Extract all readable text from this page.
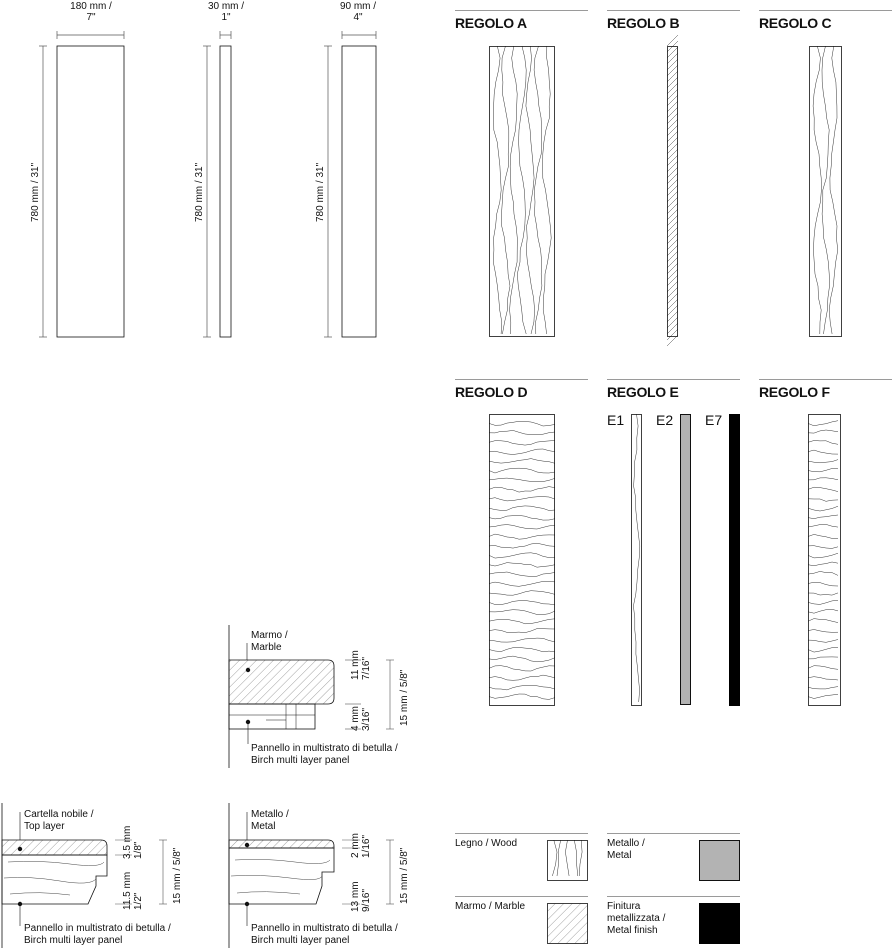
180 mm /
7"
780 mm / 31"
30 mm /
1"
780 mm / 31"
90 mm /
4"
780 mm / 31"
REGOLO A	REGOLO B	REGOLO C
REGOLO D	REGOLO E	REGOLO F
E1 E2 E7
Marmo /
Marble
Pannello in multistrato di betulla /
Birch multi layer panel
11 mm 7/16"
4 mm 3/16"	15 mm / 5/8"
Cartella nobile /
Top layer
Pannello in multistrato di betulla /
Birch multi layer panel
3.5 mm 1/8"
11.5 mm 1/2"	15 mm / 5/8"
Metallo /
Metal
Pannello in multistrato di betulla /
Birch multi layer panel
2 mm 1/16"
13 mm 9/16"	15 mm / 5/8"
Legno / Wood
Marmo / Marble
Metallo /
Metal
Finitura
metallizzata /
Metal finish
